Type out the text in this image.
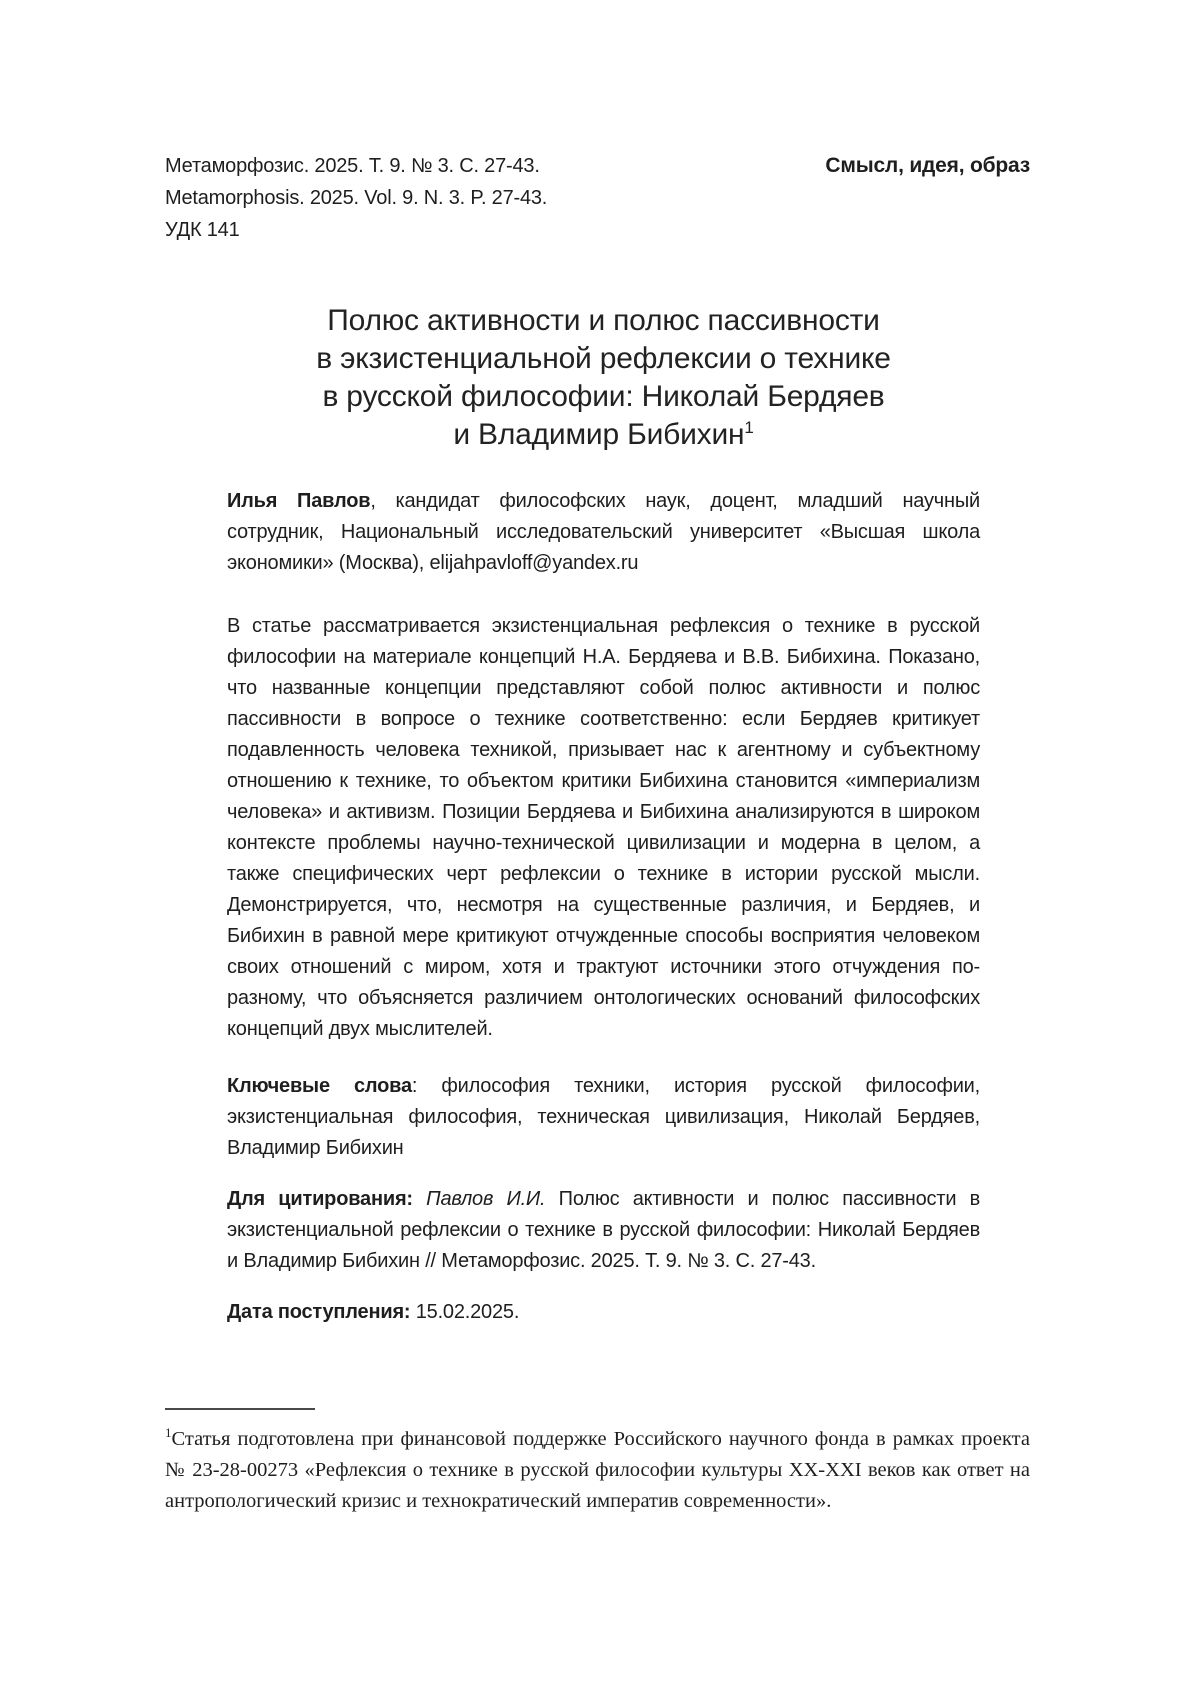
Метаморфозис. 2025. Т. 9. № 3. С. 27-43.
Metamorphosis. 2025. Vol. 9. N. 3. P. 27-43.
УДК 141
Смысл, идея, образ
Полюс активности и полюс пассивности
в экзистенциальной рефлексии о технике
в русской философии: Николай Бердяев
и Владимир Бибихин$^1$

Илья Павлов, кандидат философских наук, доцент, младший научный сотрудник, Национальный исследовательский университет «Высшая школа экономики» (Москва), elijahpavloff@yandex.ru

В статье рассматривается экзистенциальная рефлексия о технике в русской философии на материале концепций Н.А. Бердяева и В.В. Бибихина. Показано, что названные концепции представляют собой полюс активности и полюс пассивности в вопросе о технике соответственно: если Бердяев критикует подавленность человека техникой, призывает нас к агентному и субъектному отношению к технике, то объектом критики Бибихина становится «империализм человека» и активизм. Позиции Бердяева и Бибихина анализируются в широком контексте проблемы научно-технической цивилизации и модерна в целом, а также специфических черт рефлексии о технике в истории русской мысли. Демонстрируется, что, несмотря на существенные различия, и Бердяев, и Бибихин в равной мере критикуют отчужденные способы восприятия человеком своих отношений с миром, хотя и трактуют источники этого отчуждения по-разному, что объясняется различием онтологических оснований философских концепций двух мыслителей.

Ключевые слова: философия техники, история русской философии, экзистенциальная философия, техническая цивилизация, Николай Бердяев, Владимир Бибихин

Для цитирования: Павлов И.И. Полюс активности и полюс пассивности в экзистенциальной рефлексии о технике в русской философии: Николай Бердяев и Владимир Бибихин // Метаморфозис. 2025. Т. 9. № 3. С. 27-43.

Дата поступления: 15.02.2025.

$^1$Статья подготовлена при финансовой поддержке Российского научного фонда в рамках проекта № 23-28-00273 «Рефлексия о технике в русской философии культуры XX-XXI веков как ответ на антропологический кризис и технократический императив современности».
